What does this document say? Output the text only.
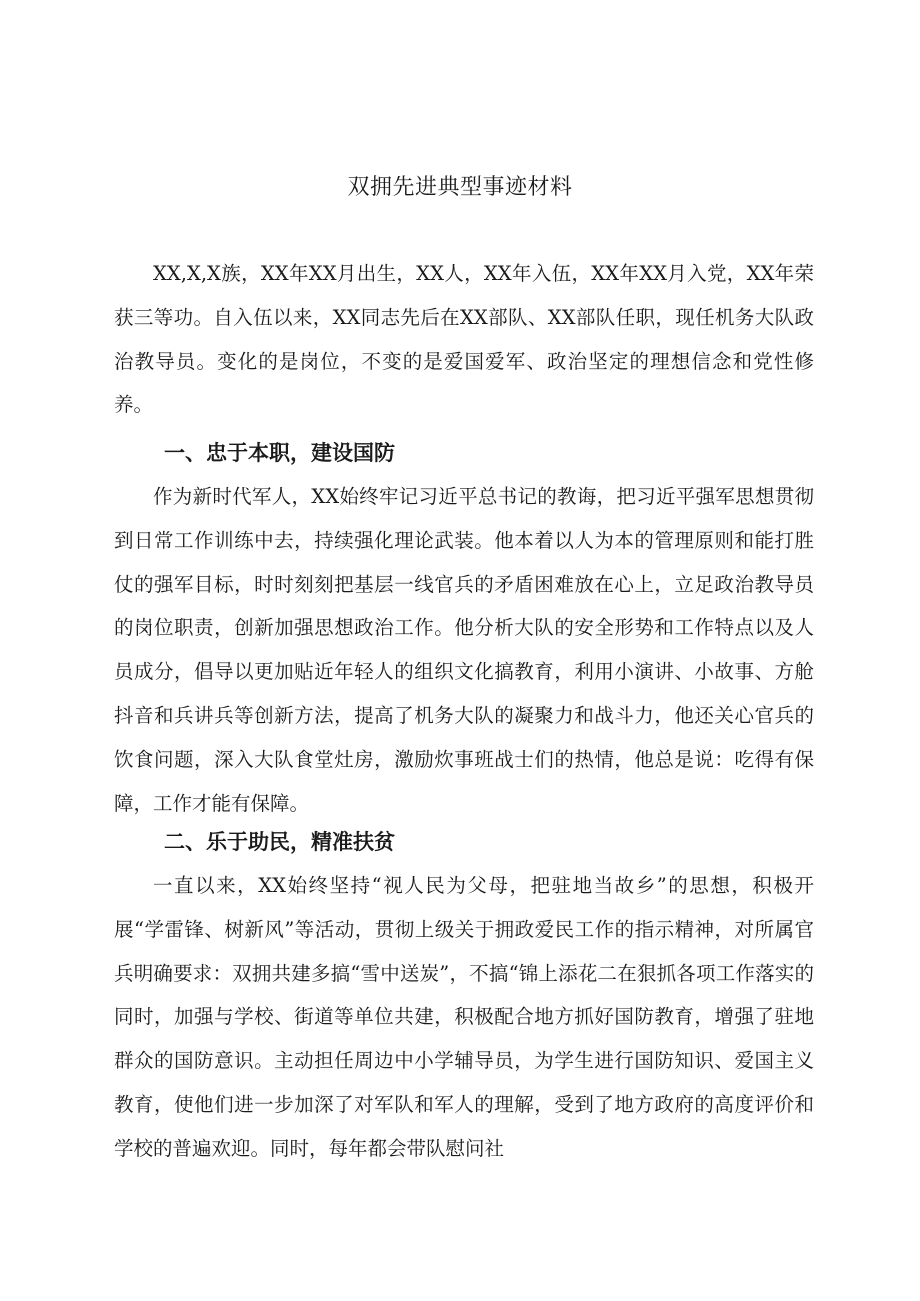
双拥先进典型事迹材料

XX,X,X族，XX年XX月出生，XX人，XX年入伍，XX年XX月入党，XX年荣获三等功。自入伍以来，XX同志先后在XX部队、XX部队任职，现任机务大队政治教导员。变化的是岗位，不变的是爱国爱军、政治坚定的理想信念和党性修养。

一、忠于本职，建设国防

作为新时代军人，XX始终牢记习近平总书记的教诲，把习近平强军思想贯彻到日常工作训练中去，持续强化理论武装。他本着以人为本的管理原则和能打胜仗的强军目标，时时刻刻把基层一线官兵的矛盾困难放在心上，立足政治教导员的岗位职责，创新加强思想政治工作。他分析大队的安全形势和工作特点以及人员成分，倡导以更加贴近年轻人的组织文化搞教育，利用小演讲、小故事、方舱抖音和兵讲兵等创新方法，提高了机务大队的凝聚力和战斗力，他还关心官兵的饮食问题，深入大队食堂灶房，激励炊事班战士们的热情，他总是说：吃得有保障，工作才能有保障。

二、乐于助民，精准扶贫

一直以来，XX始终坚持“视人民为父母，把驻地当故乡”的思想，积极开展“学雷锋、树新风”等活动，贯彻上级关于拥政爱民工作的指示精神，对所属官兵明确要求：双拥共建多搞“雪中送炭”，不搞“锦上添花二在狠抓各项工作落实的同时，加强与学校、街道等单位共建，积极配合地方抓好国防教育，增强了驻地群众的国防意识。主动担任周边中小学辅导员，为学生进行国防知识、爱国主义教育，使他们进一步加深了对军队和军人的理解，受到了地方政府的高度评价和学校的普遍欢迎。同时，每年都会带队慰问社
